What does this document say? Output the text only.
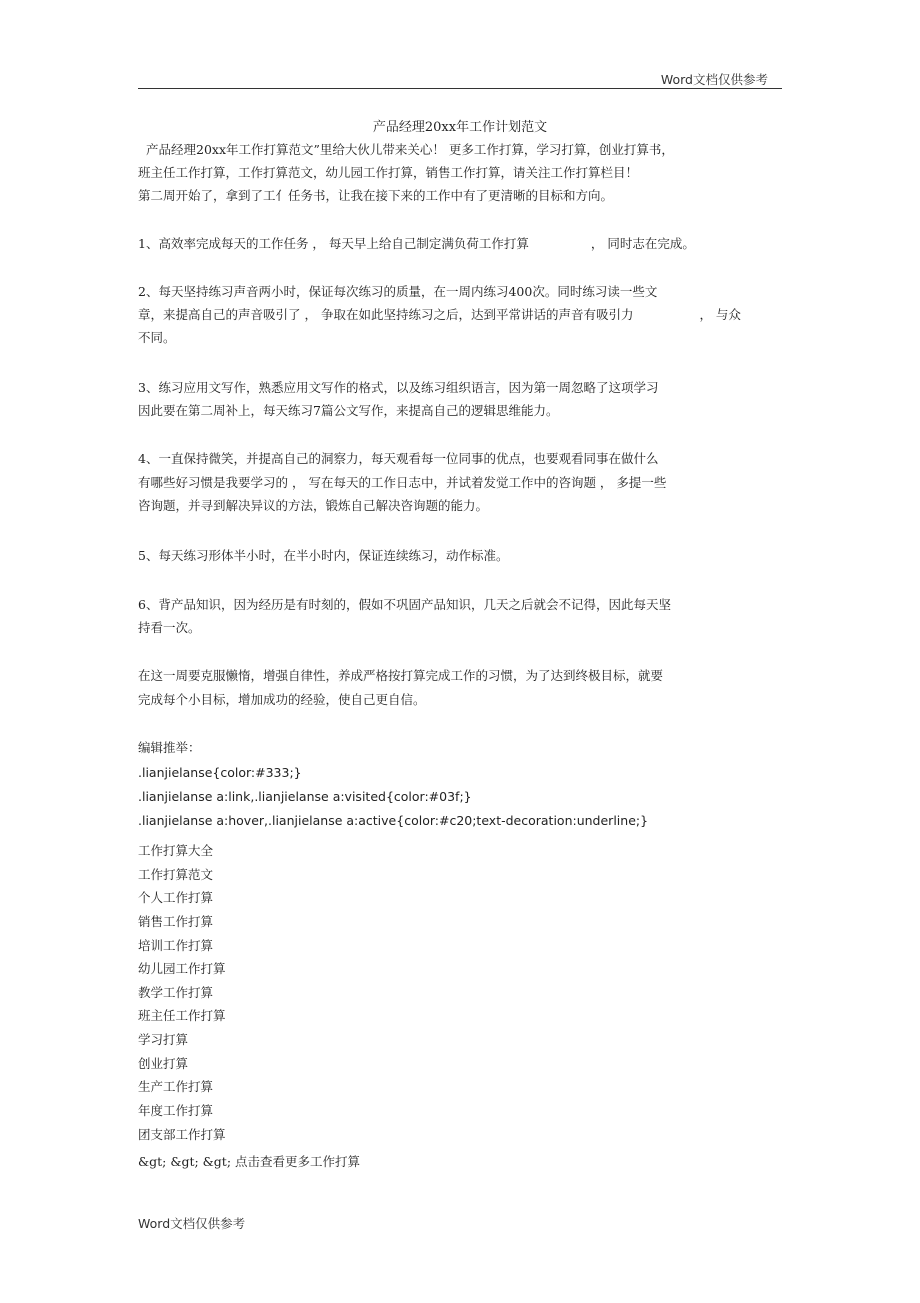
Word文档仅供参考
产品经理20xx年工作计划范文
产品经理20xx年工作打算范文”里给大伙儿带来关心！ 更多工作打算，学习打算，创业打算书，
班主任工作打算，工作打算范文，幼儿园工作打算，销售工作打算，请关注工作打算栏目！
第二周开始了，拿到了工亻任务书，让我在接下来的工作中有了更清晰的目标和方向。
1、高效率完成每天的工作任务 ， 每天早上给自己制定满负荷工作打算	， 同时志在完成。
2、每天坚持练习声音两小时，保证每次练习的质量，在一周内练习400次。同时练习读一些文
章，来提高自己的声音吸引了 ， 争取在如此坚持练习之后，达到平常讲话的声音有吸引力	， 与众
不同。
3、练习应用文写作，熟悉应用文写作的格式，以及练习组织语言，因为第一周忽略了这项学习
因此要在第二周补上，每天练习7篇公文写作，来提高自己的逻辑思维能力。
4、一直保持微笑，并提高自己的洞察力，每天观看每一位同事的优点，也要观看同事在做什么
有哪些好习惯是我要学习的 ， 写在每天的工作日志中，并试着发觉工作中的咨询题 ， 多提一些
咨询题，并寻到解决异议的方法，锻炼自己解决咨询题的能力。
5、每天练习形体半小时，在半小时内，保证连续练习，动作标准。
6、背产品知识，因为经历是有时刻的，假如不巩固产品知识，几天之后就会不记得，因此每天坚
持看一次。
在这一周要克服懒惰，增强自律性，养成严格按打算完成工作的习惯，为了达到终极目标，就要
完成每个小目标，增加成功的经验，使自己更自信。
编辑推举：
.lianjielanse{color:#333;}
.lianjielanse a:link,.lianjielanse a:visited{color:#03f;}
.lianjielanse a:hover,.lianjielanse a:active{color:#c20;text-decoration:underline;}
工作打算大全
工作打算范文
个人工作打算
销售工作打算
培训工作打算
幼儿园工作打算
教学工作打算
班主任工作打算
学习打算
创业打算
生产工作打算
年度工作打算
团支部工作打算
&gt; &gt; &gt; 点击查看更多工作打算
Word文档仅供参考
